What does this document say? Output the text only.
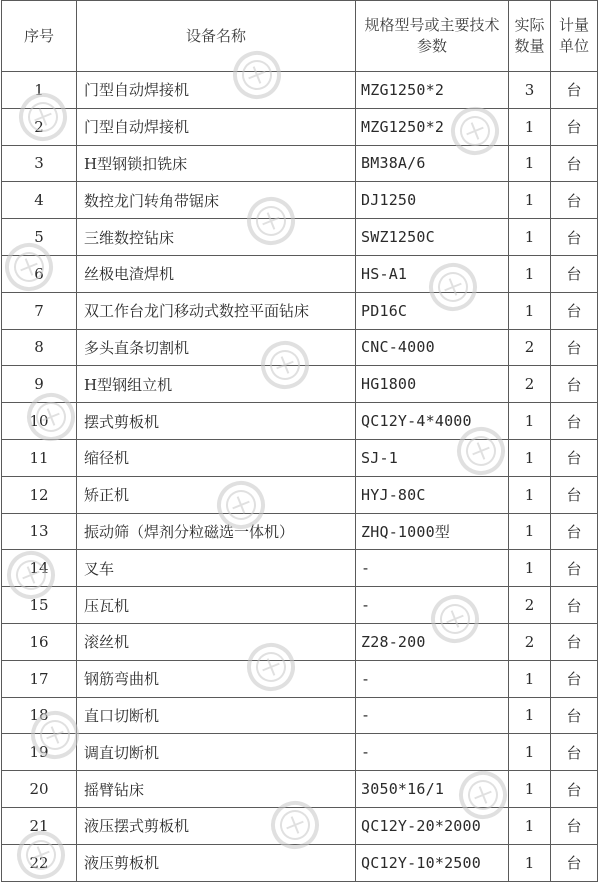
序号	设备名称	规格型号或主要技术参数	实际数量	计量单位
1	门型自动焊接机	MZG1250*2	3	台
2	门型自动焊接机	MZG1250*2	1	台
3	H型钢锁扣铣床	BM38A/6	1	台
4	数控龙门转角带锯床	DJ1250	1	台
5	三维数控钻床	SWZ1250C	1	台
6	丝极电渣焊机	HS-A1	1	台
7	双工作台龙门移动式数控平面钻床	PD16C	1	台
8	多头直条切割机	CNC-4000	2	台
9	H型钢组立机	HG1800	2	台
10	摆式剪板机	QC12Y-4*4000	1	台
11	缩径机	SJ-1	1	台
12	矫正机	HYJ-80C	1	台
13	振动筛（焊剂分粒磁选一体机）	ZHQ-1000型	1	台
14	叉车	-	1	台
15	压瓦机	-	2	台
16	滚丝机	Z28-200	2	台
17	钢筋弯曲机	-	1	台
18	直口切断机	-	1	台
19	调直切断机	-	1	台
20	摇臂钻床	3050*16/1	1	台
21	液压摆式剪板机	QC12Y-20*2000	1	台
22	液压剪板机	QC12Y-10*2500	1	台
